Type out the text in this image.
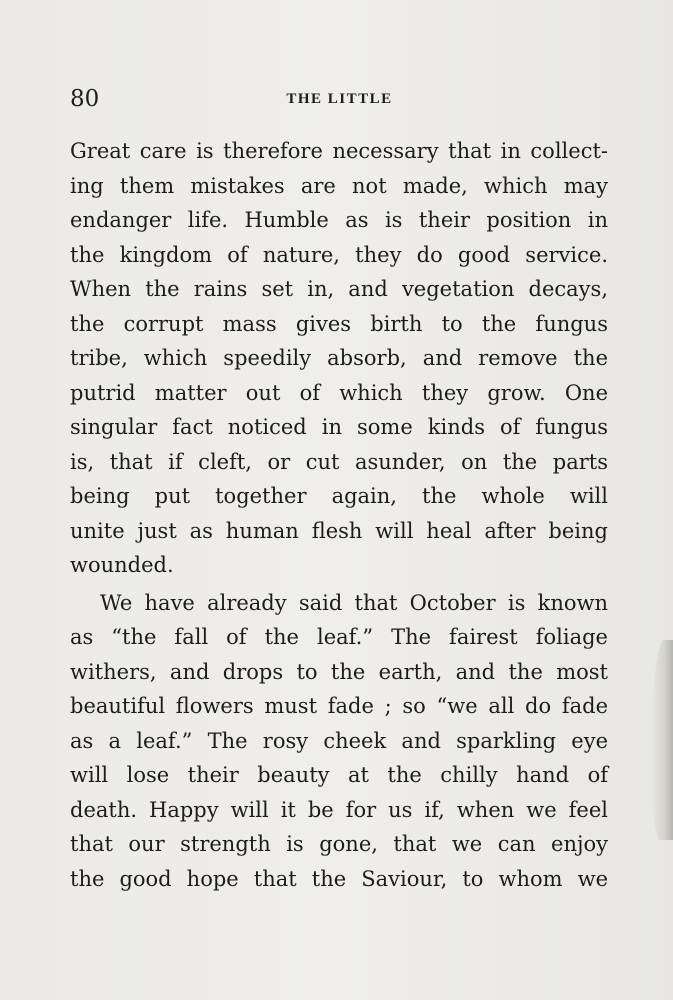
80	THE LITTLE
Great care is therefore necessary that in collect-
ing them mistakes are not made, which may
endanger life. Humble as is their position in
the kingdom of nature, they do good service.
When the rains set in, and vegetation decays,
the corrupt mass gives birth to the fungus
tribe, which speedily absorb, and remove the
putrid matter out of which they grow. One
singular fact noticed in some kinds of fungus
is, that if cleft, or cut asunder, on the parts
being put together again, the whole will
unite just as human flesh will heal after being
wounded.
We have already said that October is known
as “the fall of the leaf.” The fairest foliage
withers, and drops to the earth, and the most
beautiful flowers must fade ; so “we all do fade
as a leaf.” The rosy cheek and sparkling eye
will lose their beauty at the chilly hand of
death. Happy will it be for us if, when we feel
that our strength is gone, that we can enjoy
the good hope that the Saviour, to whom we
